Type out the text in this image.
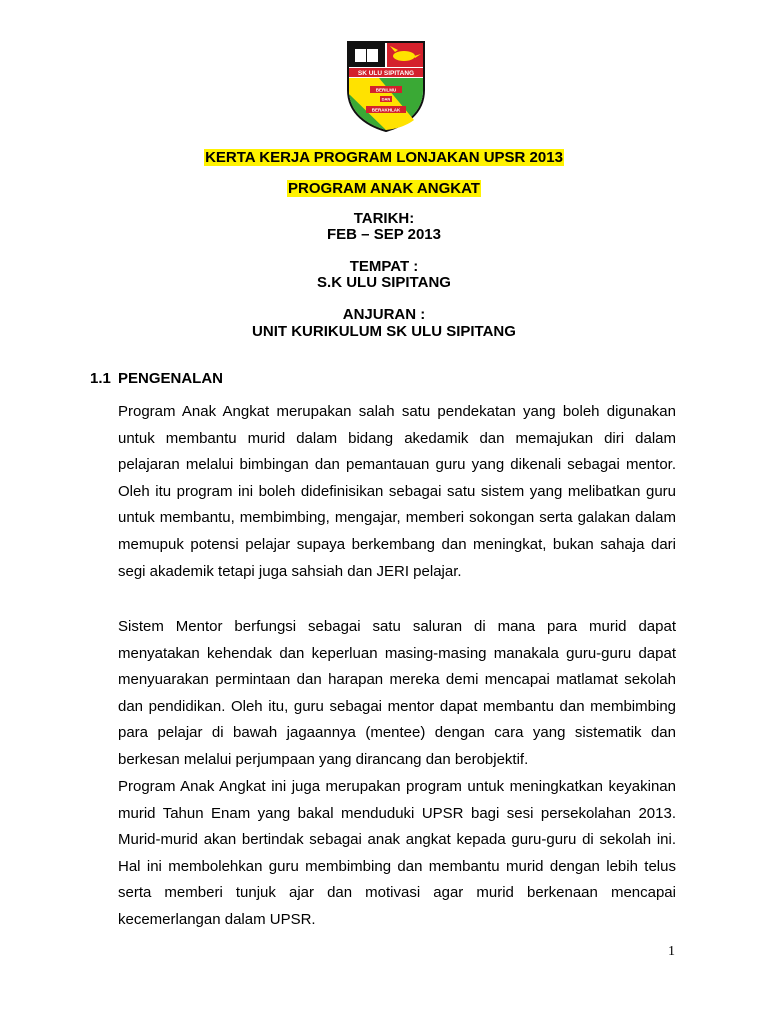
SK ULU SIPITANG
BERILMU
DAN
BERAKHLAK
KERTA KERJA PROGRAM LONJAKAN UPSR 2013
PROGRAM ANAK ANGKAT
TARIKH:
FEB – SEP 2013
TEMPAT :
S.K ULU SIPITANG
ANJURAN :
UNIT KURIKULUM SK ULU SIPITANG
1.1 PENGENALAN

Program Anak Angkat merupakan salah satu pendekatan yang boleh digunakan untuk membantu murid dalam bidang akedamik dan memajukan diri dalam pelajaran melalui bimbingan dan pemantauan guru yang dikenali sebagai mentor. Oleh itu program ini boleh didefinisikan sebagai satu sistem yang melibatkan guru untuk membantu, membimbing, mengajar, memberi sokongan serta galakan dalam memupuk potensi pelajar supaya berkembang dan meningkat, bukan sahaja dari segi akademik tetapi juga sahsiah dan JERI pelajar.

Sistem Mentor berfungsi sebagai satu saluran di mana para murid dapat menyatakan kehendak dan keperluan masing-masing manakala guru-guru dapat menyuarakan permintaan dan harapan mereka demi mencapai matlamat sekolah dan pendidikan. Oleh itu, guru sebagai mentor dapat membantu dan membimbing para pelajar di bawah jagaannya (mentee) dengan cara yang sistematik dan berkesan melalui perjumpaan yang dirancang dan berobjektif.

Program Anak Angkat ini juga merupakan program untuk meningkatkan keyakinan murid Tahun Enam yang bakal menduduki UPSR bagi sesi persekolahan 2013. Murid-murid akan bertindak sebagai anak angkat kepada guru-guru di sekolah ini. Hal ini membolehkan guru membimbing dan membantu murid dengan lebih telus serta memberi tunjuk ajar dan motivasi agar murid berkenaan mencapai kecemerlangan dalam UPSR.

1
